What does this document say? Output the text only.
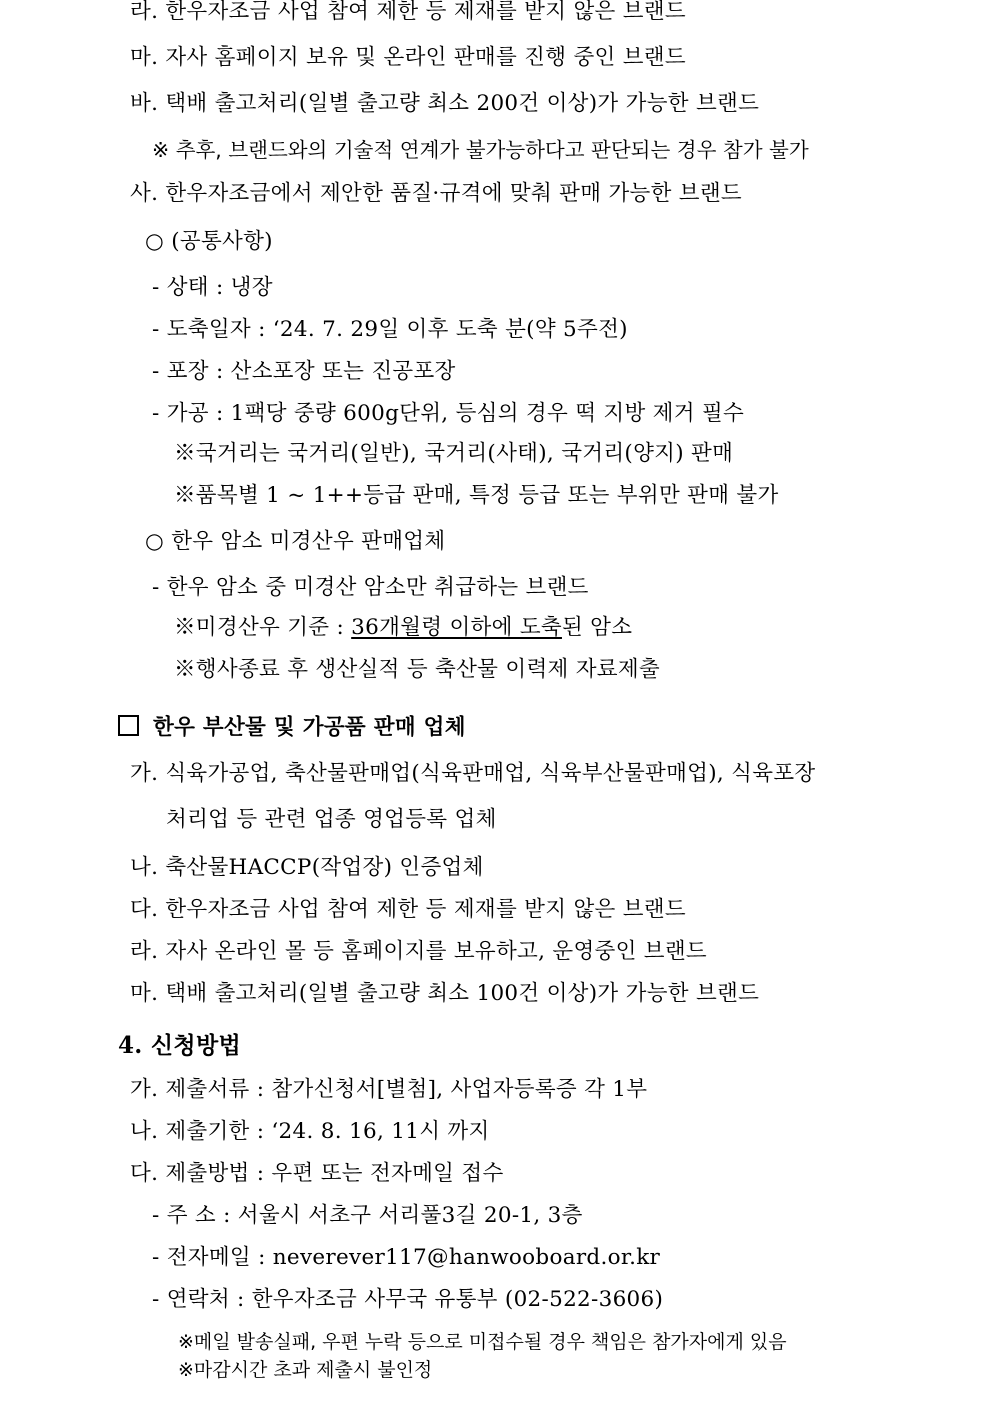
라. 한우자조금 사업 참여 제한 등 제재를 받지 않은 브랜드
마. 자사 홈페이지 보유 및 온라인 판매를 진행 중인 브랜드
바. 택배 출고처리(일별 출고량 최소 200건 이상)가 가능한 브랜드
※ 추후, 브랜드와의 기술적 연계가 불가능하다고 판단되는 경우 참가 불가
사. 한우자조금에서 제안한 품질·규격에 맞춰 판매 가능한 브랜드
○ (공통사항)
- 상태 : 냉장
- 도축일자 : ‘24. 7. 29일 이후 도축 분(약 5주전)
- 포장 : 산소포장 또는 진공포장
- 가공 : 1팩당 중량 600g단위, 등심의 경우 떡 지방 제거 필수
※국거리는 국거리(일반), 국거리(사태), 국거리(양지) 판매
※품목별 1 ~ 1++등급 판매, 특정 등급 또는 부위만 판매 불가
○ 한우 암소 미경산우 판매업체
- 한우 암소 중 미경산 암소만 취급하는 브랜드
※미경산우 기준 : 36개월령 이하에 도축된 암소
※행사종료 후 생산실적 등 축산물 이력제 자료제출
한우 부산물 및 가공품 판매 업체
가. 식육가공업, 축산물판매업(식육판매업, 식육부산물판매업), 식육포장
처리업 등 관련 업종 영업등록 업체
나. 축산물HACCP(작업장) 인증업체
다. 한우자조금 사업 참여 제한 등 제재를 받지 않은 브랜드
라. 자사 온라인 몰 등 홈페이지를 보유하고, 운영중인 브랜드
마. 택배 출고처리(일별 출고량 최소 100건 이상)가 가능한 브랜드
4. 신청방법
가. 제출서류 : 참가신청서[별첨], 사업자등록증 각 1부
나. 제출기한 : ‘24. 8. 16, 11시 까지
다. 제출방법 : 우편 또는 전자메일 접수
- 주 소 : 서울시 서초구 서리풀3길 20-1, 3층
- 전자메일 : neverever117@hanwooboard.or.kr
- 연락처 : 한우자조금 사무국 유통부 (02-522-3606)
※메일 발송실패, 우편 누락 등으로 미접수될 경우 책임은 참가자에게 있음
※마감시간 초과 제출시 불인정
